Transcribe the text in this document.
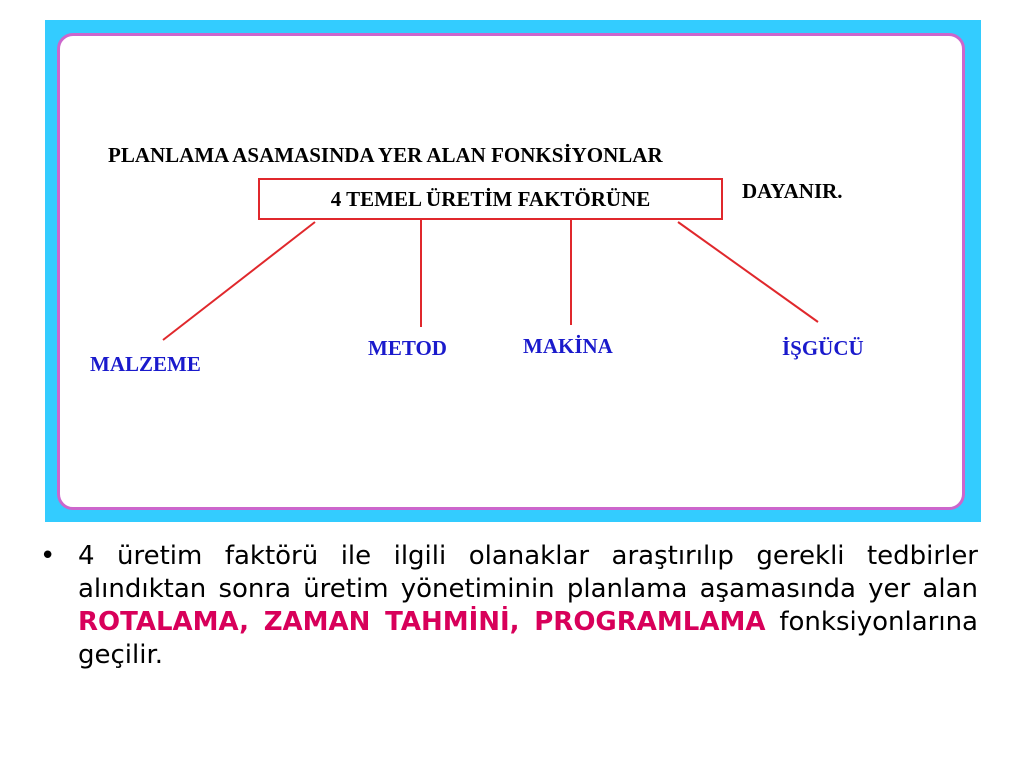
PLANLAMA ASAMASINDA YER ALAN FONKSİYONLAR
4 TEMEL ÜRETİM FAKTÖRÜNE	DAYANIR.
MALZEME
METOD	MAKİNA	İŞGÜCÜ
• 4 üretim faktörü ile ilgili olanaklar araştırılıp gerekli tedbirler alındıktan sonra üretim yönetiminin planlama aşamasında yer alan ROTALAMA, ZAMAN TAHMİNİ, PROGRAMLAMA fonksiyonlarına geçilir.
